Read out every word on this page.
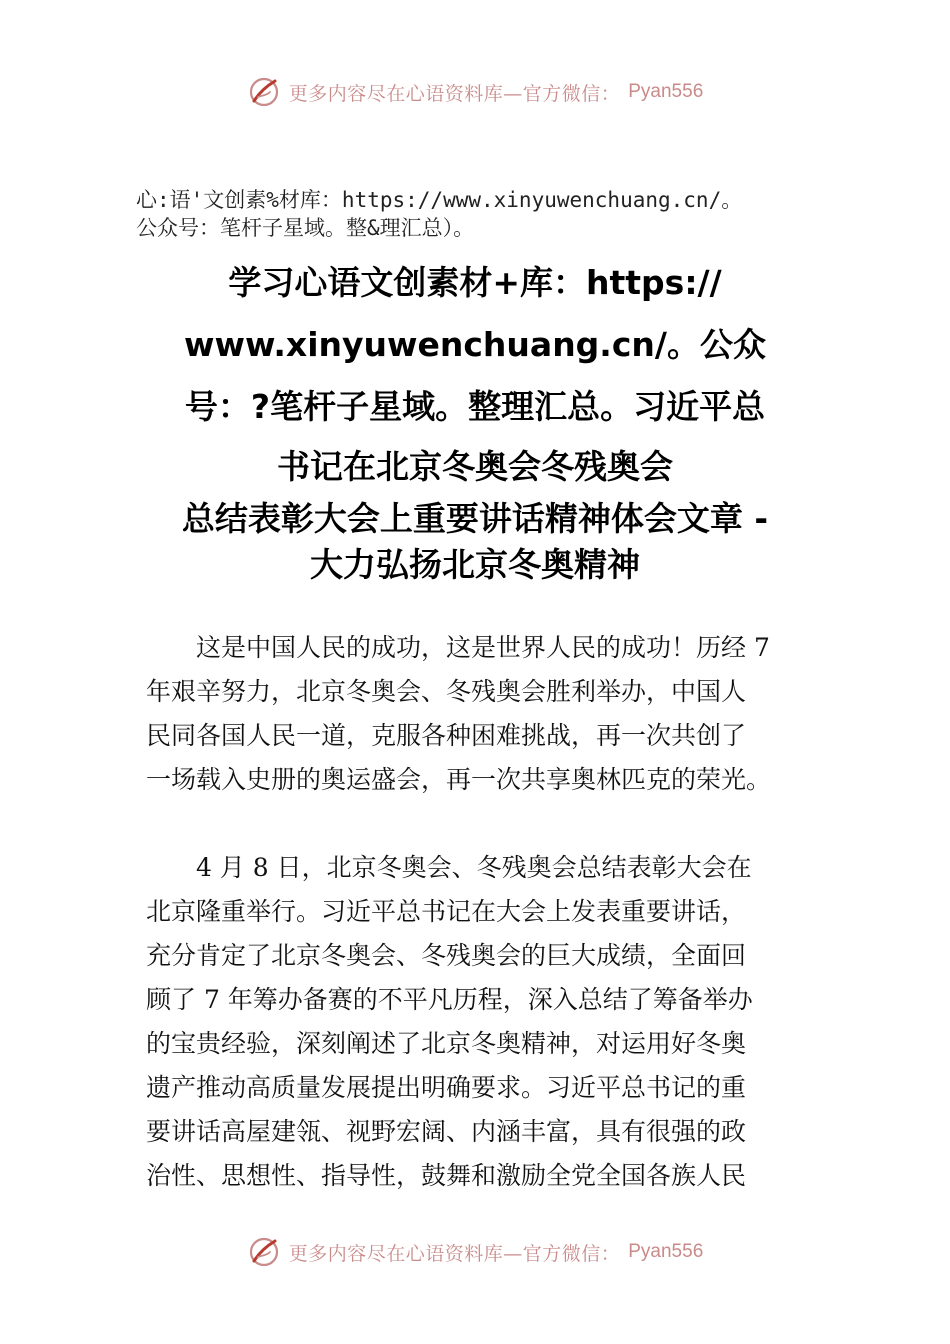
更多内容尽在心语资料库—官方微信： Pyan556
心:语'文创素%材库：https://www.xinyuwenchuang.cn/。
公众号：笔杆子星域。整&理汇总）。
学习心语文创素材+库：https://
www.xinyuwenchuang.cn/。公众
号：?笔杆子星域。整理汇总。习近平总
书记在北京冬奥会冬残奥会
总结表彰大会上重要讲话精神体会文章 -
大力弘扬北京冬奥精神
　　这是中国人民的成功，这是世界人民的成功！历经 7
年艰辛努力，北京冬奥会、冬残奥会胜利举办，中国人
民同各国人民一道，克服各种困难挑战，再一次共创了
一场载入史册的奥运盛会，再一次共享奥林匹克的荣光。
　　4 月 8 日，北京冬奥会、冬残奥会总结表彰大会在
北京隆重举行。习近平总书记在大会上发表重要讲话，
充分肯定了北京冬奥会、冬残奥会的巨大成绩，全面回
顾了 7 年筹办备赛的不平凡历程，深入总结了筹备举办
的宝贵经验，深刻阐述了北京冬奥精神，对运用好冬奥
遗产推动高质量发展提出明确要求。习近平总书记的重
要讲话高屋建瓴、视野宏阔、内涵丰富，具有很强的政
治性、思想性、指导性，鼓舞和激励全党全国各族人民
更多内容尽在心语资料库—官方微信： Pyan556
